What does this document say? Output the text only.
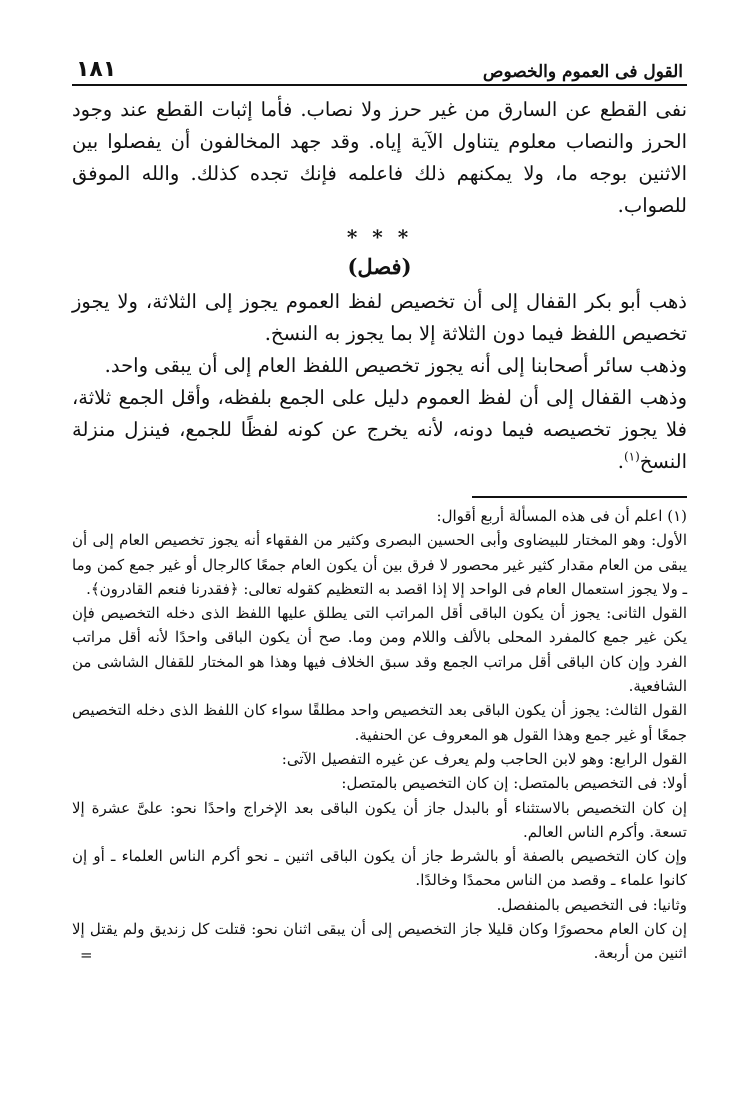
القول فى العموم والخصوص
١٨١

نفى القطع عن السارق من غير حرز ولا نصاب. فأما إثبات القطع عند وجود الحرز والنصاب معلوم يتناول الآية إياه. وقد جهد المخالفون أن يفصلوا بين الاثنين بوجه ما، ولا يمكنهم ذلك فاعلمه فإنك تجده كذلك. والله الموفق للصواب.

* * *
(فصل)

ذهب أبو بكر القفال إلى أن تخصيص لفظ العموم يجوز إلى الثلاثة، ولا يجوز تخصيص اللفظ فيما دون الثلاثة إلا بما يجوز به النسخ.

وذهب سائر أصحابنا إلى أنه يجوز تخصيص اللفظ العام إلى أن يبقى واحد.

وذهب القفال إلى أن لفظ العموم دليل على الجمع بلفظه، وأقل الجمع ثلاثة، فلا يجوز تخصيصه فيما دونه، لأنه يخرج عن كونه لفظًا للجمع، فينزل منزلة النسخ$^{(١)}$.

(١) اعلم أن فى هذه المسألة أربع أقوال:

الأول: وهو المختار للبيضاوى وأبى الحسين البصرى وكثير من الفقهاء أنه يجوز تخصيص العام إلى أن يبقى من العام مقدار كثير غير محصور لا فرق بين أن يكون العام جمعًا كالرجال أو غير جمع كمن وما ـ ولا يجوز استعمال العام فى الواحد إلا إذا اقصد به التعظيم كقوله تعالى: ﴿فقدرنا فنعم القادرون﴾.

القول الثانى: يجوز أن يكون الباقى أقل المراتب التى يطلق عليها اللفظ الذى دخله التخصيص فإن يكن غير جمع كالمفرد المحلى بالألف واللام ومن وما. صح أن يكون الباقى واحدًا لأنه أقل مراتب الفرد وإن كان الباقى أقل مراتب الجمع وقد سبق الخلاف فيها وهذا هو المختار للقفال الشاشى من الشافعية.

القول الثالث: يجوز أن يكون الباقى بعد التخصيص واحد مطلقًا سواء كان اللفظ الذى دخله التخصيص جمعًا أو غير جمع وهذا القول هو المعروف عن الحنفية.

القول الرابع: وهو لابن الحاجب ولم يعرف عن غيره التفصيل الآتى:

أولا: فى التخصيص بالمتصل: إن كان التخصيص بالمتصل:

إن كان التخصيص بالاستثناء أو بالبدل جاز أن يكون الباقى بعد الإخراج واحدًا نحو: علىَّ عشرة إلا تسعة. وأكرم الناس العالم.

وإن كان التخصيص بالصفة أو بالشرط جاز أن يكون الباقى اثنين ـ نحو أكرم الناس العلماء ـ أو إن كانوا علماء ـ وقصد من الناس محمدًا وخالدًا.

وثانيا: فى التخصيص بالمنفصل.

إن كان العام محصورًا وكان قليلا جاز التخصيص إلى أن يبقى اثنان نحو: قتلت كل زنديق ولم يقتل إلا اثنين من أربعة.

=
